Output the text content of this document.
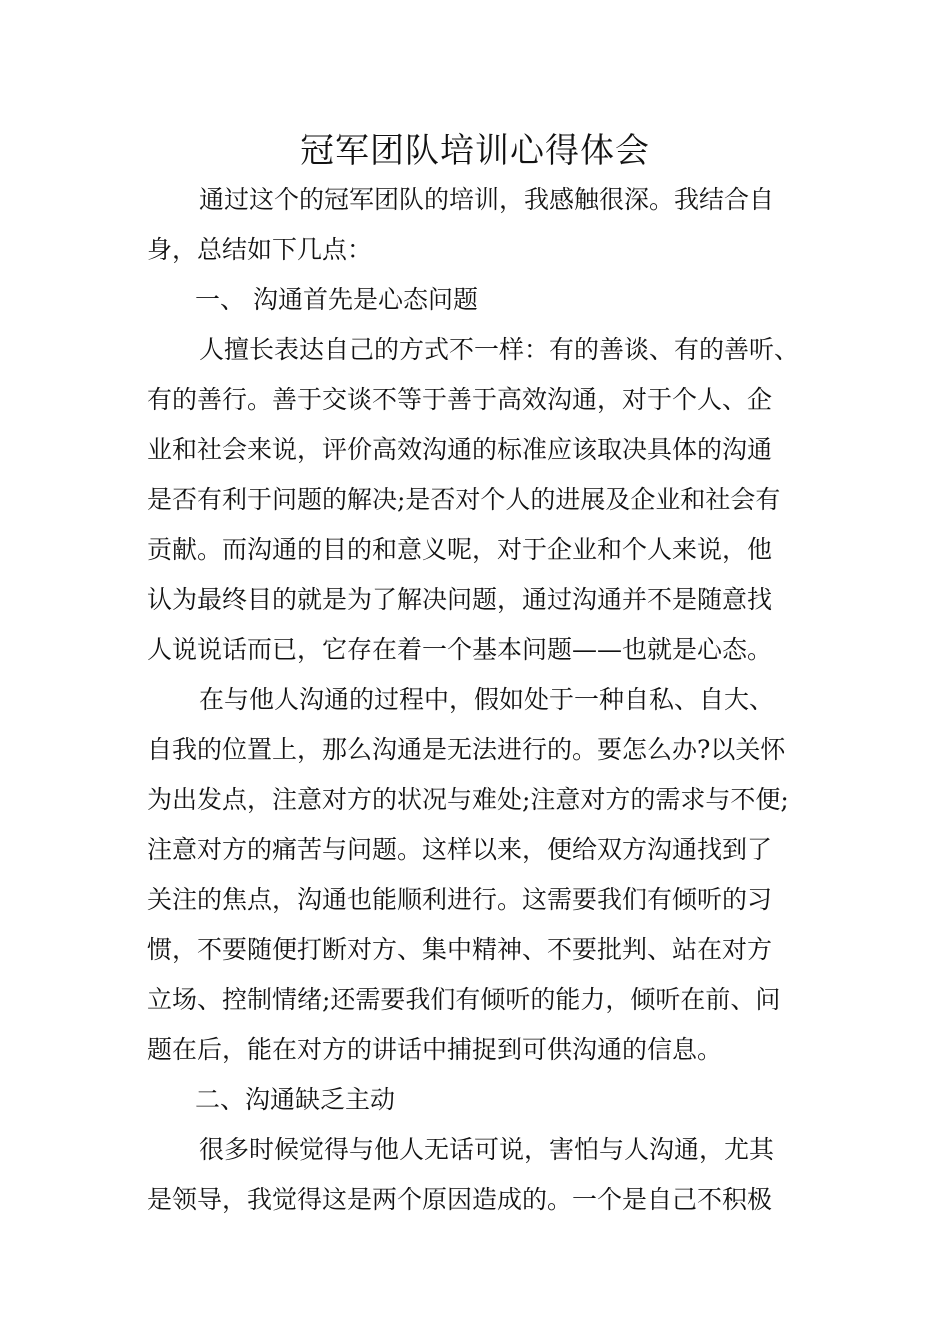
冠军团队培训心得体会
通过这个的冠军团队的培训，我感触很深。我结合自
身，总结如下几点：
一、 沟通首先是心态问题
人擅长表达自己的方式不一样：有的善谈、有的善听、
有的善行。善于交谈不等于善于高效沟通，对于个人、企
业和社会来说，评价高效沟通的标准应该取决具体的沟通
是否有利于问题的解决;是否对个人的进展及企业和社会有
贡献。而沟通的目的和意义呢，对于企业和个人来说，他
认为最终目的就是为了解决问题，通过沟通并不是随意找
人说说话而已，它存在着一个基本问题——也就是心态。
在与他人沟通的过程中，假如处于一种自私、自大、
自我的位置上，那么沟通是无法进行的。要怎么办?以关怀
为出发点，注意对方的状况与难处;注意对方的需求与不便;
注意对方的痛苦与问题。这样以来，便给双方沟通找到了
关注的焦点，沟通也能顺利进行。这需要我们有倾听的习
惯，不要随便打断对方、集中精神、不要批判、站在对方
立场、控制情绪;还需要我们有倾听的能力，倾听在前、问
题在后，能在对方的讲话中捕捉到可供沟通的信息。
二、沟通缺乏主动
很多时候觉得与他人无话可说，害怕与人沟通，尤其
是领导，我觉得这是两个原因造成的。一个是自己不积极
